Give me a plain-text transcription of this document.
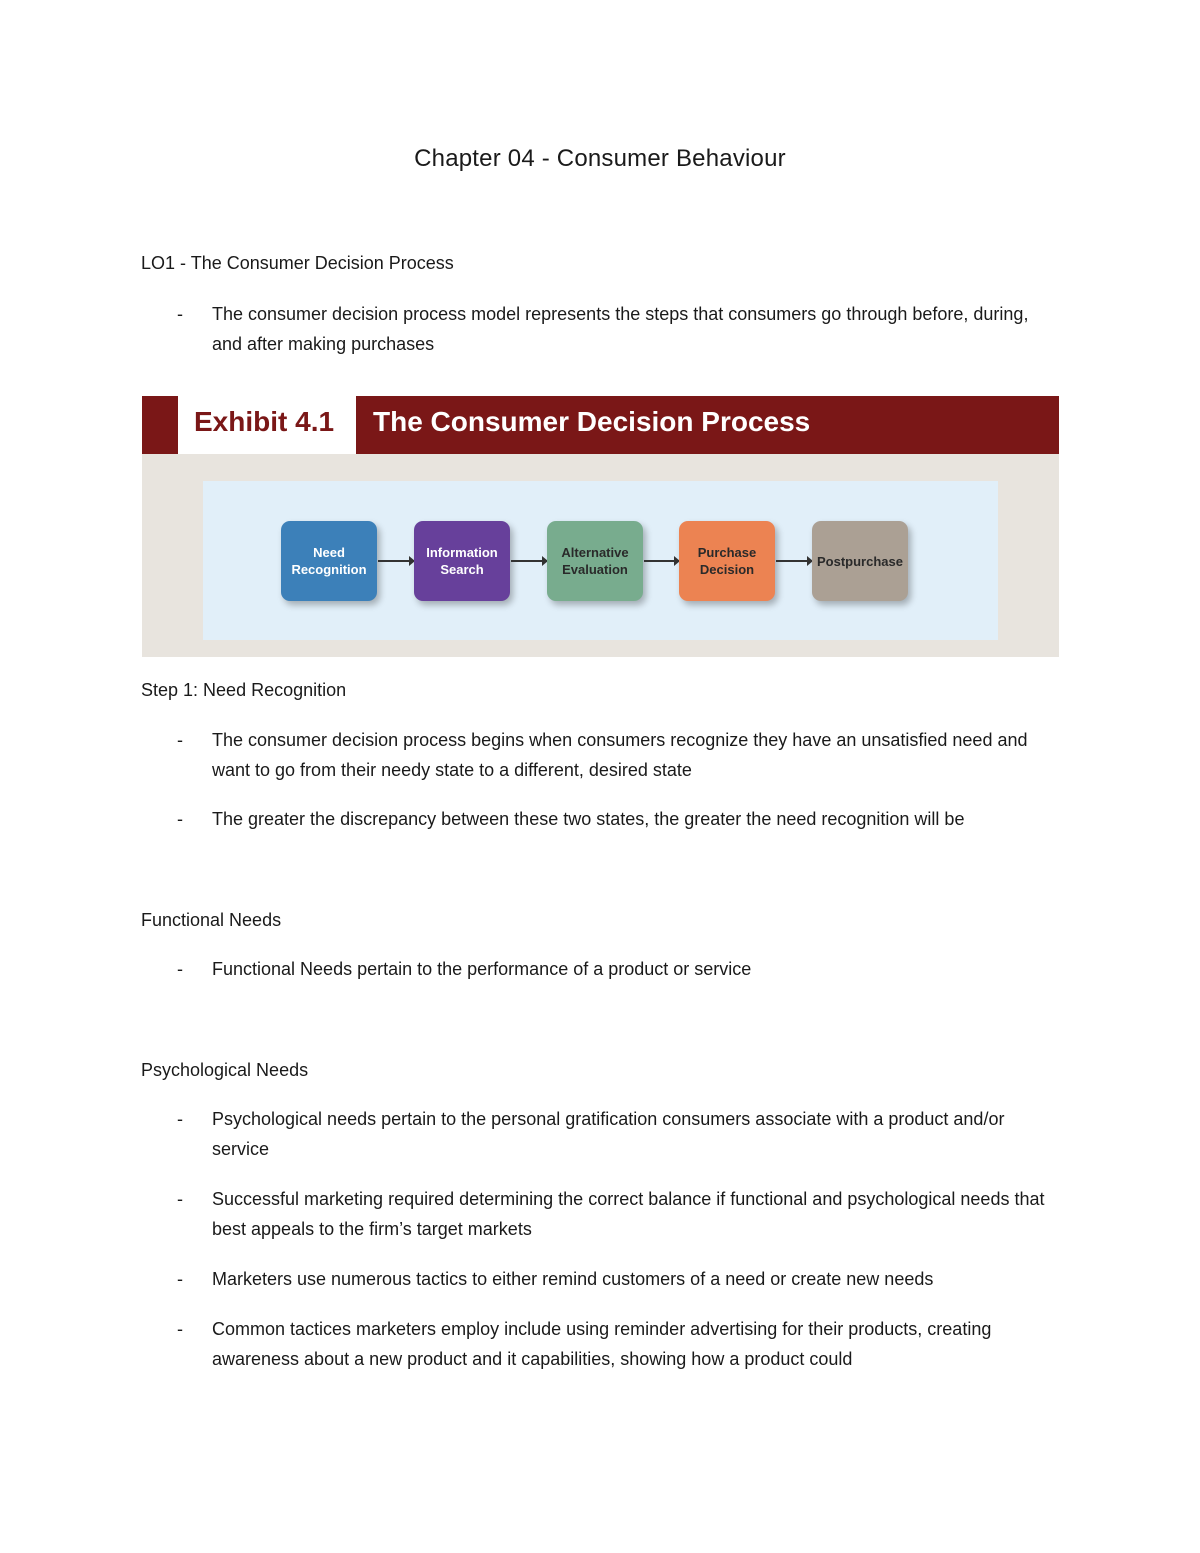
Chapter 04 - Consumer Behaviour
LO1 - The Consumer Decision Process
- The consumer decision process model represents the steps that consumers go through before, during, and after making purchases
Exhibit 4.1 The Consumer Decision Process
Need Recognition
Information Search
Alternative Evaluation
Purchase Decision
Postpurchase
Step 1: Need Recognition
- The consumer decision process begins when consumers recognize they have an unsatisfied need and want to go from their needy state to a different, desired state
- The greater the discrepancy between these two states, the greater the need recognition will be
Functional Needs
- Functional Needs pertain to the performance of a product or service
Psychological Needs
- Psychological needs pertain to the personal gratification consumers associate with a product and/or service
- Successful marketing required determining the correct balance if functional and psychological needs that best appeals to the firm’s target markets
- Marketers use numerous tactics to either remind customers of a need or create new needs
- Common tactices marketers employ include using reminder advertising for their products, creating awareness about a new product and it capabilities, showing how a product could
